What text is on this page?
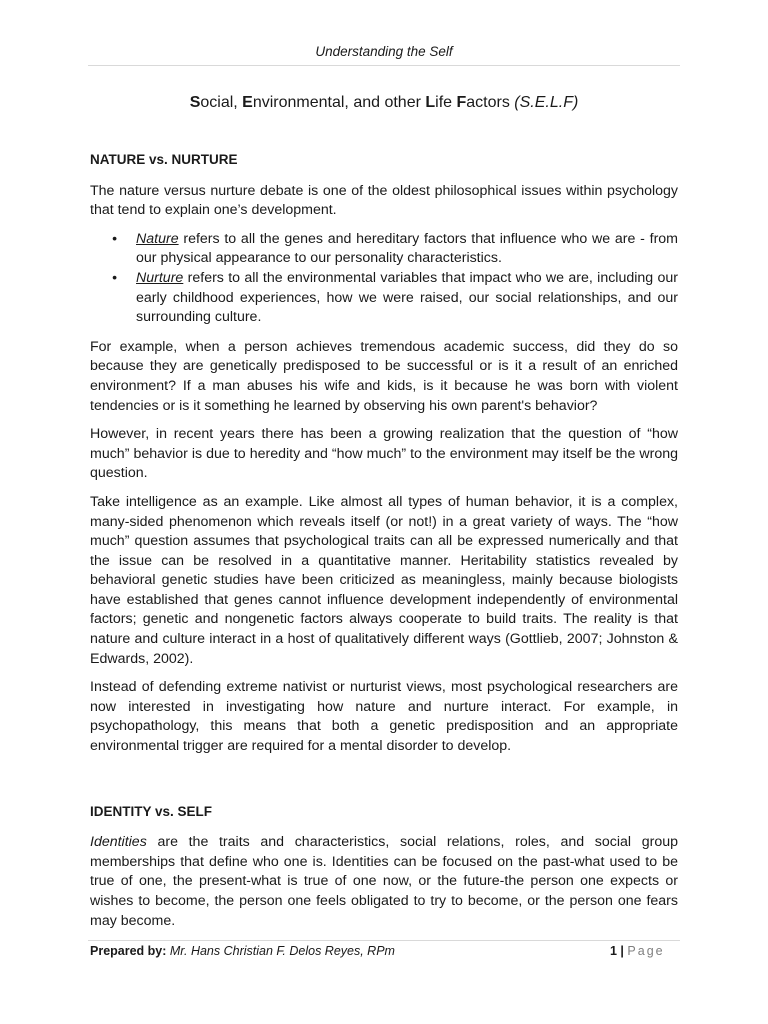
Understanding the Self
Social, Environmental, and other Life Factors (S.E.L.F)

NATURE vs. NURTURE

The nature versus nurture debate is one of the oldest philosophical issues within psychology that tend to explain one’s development.

• Nature refers to all the genes and hereditary factors that influence who we are - from our physical appearance to our personality characteristics.
• Nurture refers to all the environmental variables that impact who we are, including our early childhood experiences, how we were raised, our social relationships, and our surrounding culture.

For example, when a person achieves tremendous academic success, did they do so because they are genetically predisposed to be successful or is it a result of an enriched environment? If a man abuses his wife and kids, is it because he was born with violent tendencies or is it something he learned by observing his own parent's behavior?

However, in recent years there has been a growing realization that the question of “how much” behavior is due to heredity and “how much” to the environment may itself be the wrong question.

Take intelligence as an example. Like almost all types of human behavior, it is a complex, many-sided phenomenon which reveals itself (or not!) in a great variety of ways. The “how much” question assumes that psychological traits can all be expressed numerically and that the issue can be resolved in a quantitative manner. Heritability statistics revealed by behavioral genetic studies have been criticized as meaningless, mainly because biologists have established that genes cannot influence development independently of environmental factors; genetic and nongenetic factors always cooperate to build traits. The reality is that nature and culture interact in a host of qualitatively different ways (Gottlieb, 2007; Johnston & Edwards, 2002).

Instead of defending extreme nativist or nurturist views, most psychological researchers are now interested in investigating how nature and nurture interact. For example, in psychopathology, this means that both a genetic predisposition and an appropriate environmental trigger are required for a mental disorder to develop.

IDENTITY vs. SELF

Identities are the traits and characteristics, social relations, roles, and social group memberships that define who one is. Identities can be focused on the past-what used to be true of one, the present-what is true of one now, or the future-the person one expects or wishes to become, the person one feels obligated to try to become, or the person one fears may become.

Prepared by: Mr. Hans Christian F. Delos Reyes, RPm	1 | Page
